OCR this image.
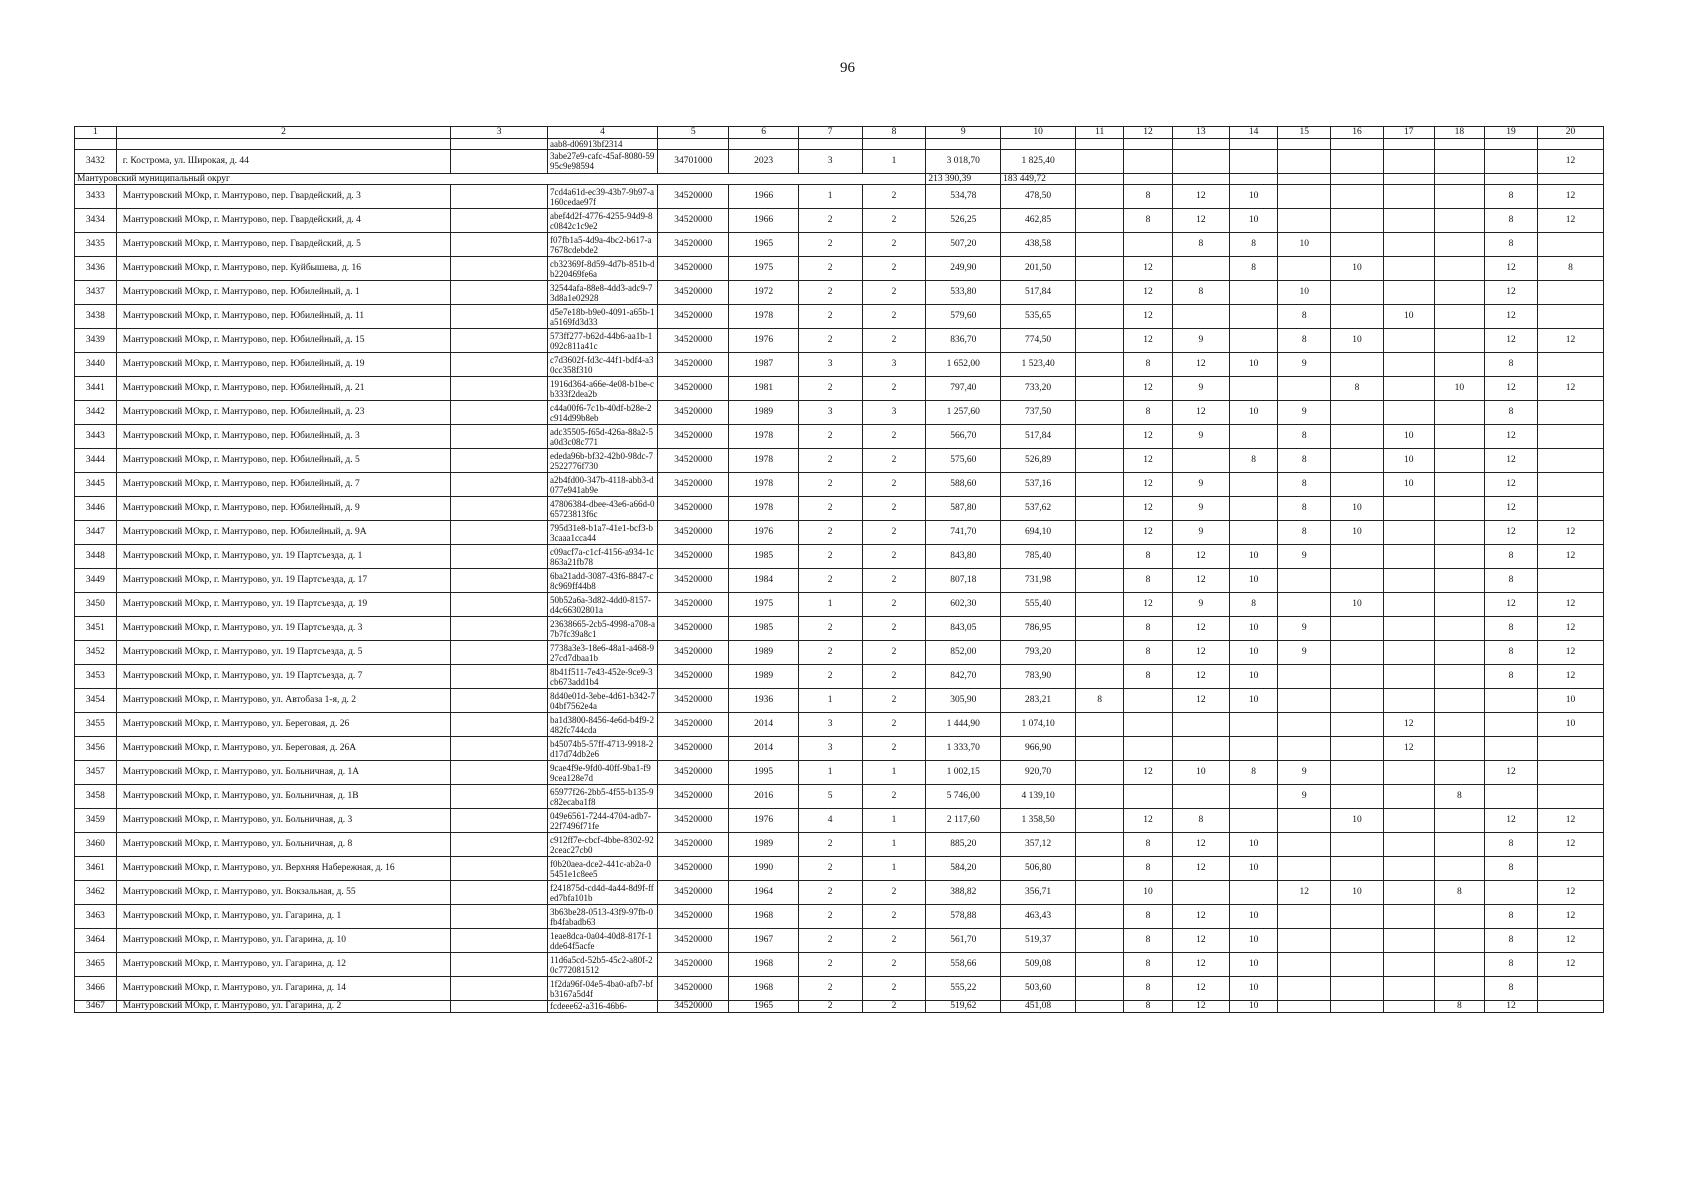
96
1	2	3	4	5	6	7	8	9	10	11	12	13	14	15	16	17	18	19	20
			aab8-d06913bf2314																
3432	г. Кострома, ул. Широкая, д. 44		3abe27e9-cafc-45af-8080-5995c9e98594	34701000	2023	3	1	3 018,70	1 825,40										12
Мантуровский муниципальный округ								213 390,39	183 449,72										
3433	Мантуровский МОкр, г. Мантурово, пер. Гвардейский, д. 3		7cd4a61d-ec39-43b7-9b97-a160cedae97f	34520000	1966	1	2	534,78	478,50		8	12	10					8	12
3434	Мантуровский МОкр, г. Мантурово, пер. Гвардейский, д. 4		abef4d2f-4776-4255-94d9-8c0842c1c9e2	34520000	1966	2	2	526,25	462,85		8	12	10					8	12
3435	Мантуровский МОкр, г. Мантурово, пер. Гвардейский, д. 5		f07fb1a5-4d9a-4bc2-b617-a7678cdebde2	34520000	1965	2	2	507,20	438,58			8	8	10				8	
3436	Мантуровский МОкр, г. Мантурово, пер. Куйбышева, д. 16		cb32369f-8d59-4d7b-851b-db220469fe6a	34520000	1975	2	2	249,90	201,50		12		8		10			12	8
3437	Мантуровский МОкр, г. Мантурово, пер. Юбилейный, д. 1		32544afa-88e8-4dd3-adc9-73d8a1e02928	34520000	1972	2	2	533,80	517,84		12	8		10				12	
3438	Мантуровский МОкр, г. Мантурово, пер. Юбилейный, д. 11		d5e7e18b-b9e0-4091-a65b-1a5169fd3d33	34520000	1978	2	2	579,60	535,65		12			8		10		12	
3439	Мантуровский МОкр, г. Мантурово, пер. Юбилейный, д. 15		573ff277-b62d-44b6-aa1b-1092c811a41c	34520000	1976	2	2	836,70	774,50		12	9		8	10			12	12
3440	Мантуровский МОкр, г. Мантурово, пер. Юбилейный, д. 19		c7d3602f-fd3c-44f1-bdf4-a30cc358f310	34520000	1987	3	3	1 652,00	1 523,40		8	12	10	9				8	
3441	Мантуровский МОкр, г. Мантурово, пер. Юбилейный, д. 21		1916d364-a66e-4e08-b1be-cb333f2dea2b	34520000	1981	2	2	797,40	733,20		12	9			8		10	12	12
3442	Мантуровский МОкр, г. Мантурово, пер. Юбилейный, д. 23		c44a00f6-7c1b-40df-b28e-2c914d99b8eb	34520000	1989	3	3	1 257,60	737,50		8	12	10	9				8	
3443	Мантуровский МОкр, г. Мантурово, пер. Юбилейный, д. 3		adc35505-f65d-426a-88a2-5a0d3c08c771	34520000	1978	2	2	566,70	517,84		12	9		8		10		12	
3444	Мантуровский МОкр, г. Мантурово, пер. Юбилейный, д. 5		ededa96b-bf32-42b0-98dc-72522776f730	34520000	1978	2	2	575,60	526,89		12		8	8		10		12	
3445	Мантуровский МОкр, г. Мантурово, пер. Юбилейный, д. 7		a2b4fd00-347b-4118-abb3-d077e941ab9e	34520000	1978	2	2	588,60	537,16		12	9		8		10		12	
3446	Мантуровский МОкр, г. Мантурово, пер. Юбилейный, д. 9		47806384-dbee-43e6-a66d-065723813f6c	34520000	1978	2	2	587,80	537,62		12	9		8	10			12	
3447	Мантуровский МОкр, г. Мантурово, пер. Юбилейный, д. 9А		795d31e8-b1a7-41e1-bcf3-b3caaa1cca44	34520000	1976	2	2	741,70	694,10		12	9		8	10			12	12
3448	Мантуровский МОкр, г. Мантурово, ул. 19 Партсъезда, д. 1		c09acf7a-c1cf-4156-a934-1c863a21fb78	34520000	1985	2	2	843,80	785,40		8	12	10	9				8	12
3449	Мантуровский МОкр, г. Мантурово, ул. 19 Партсъезда, д. 17		6ba21add-3087-43f6-8847-c8c969ff44b8	34520000	1984	2	2	807,18	731,98		8	12	10					8	
3450	Мантуровский МОкр, г. Мантурово, ул. 19 Партсъезда, д. 19		50b52a6a-3d82-4dd0-8157-d4c66302801a	34520000	1975	1	2	602,30	555,40		12	9	8		10			12	12
3451	Мантуровский МОкр, г. Мантурово, ул. 19 Партсъезда, д. 3		23638665-2cb5-4998-a708-a7b7fc39a8c1	34520000	1985	2	2	843,05	786,95		8	12	10	9				8	12
3452	Мантуровский МОкр, г. Мантурово, ул. 19 Партсъезда, д. 5		7738a3e3-18e6-48a1-a468-927cd7dbaa1b	34520000	1989	2	2	852,00	793,20		8	12	10	9				8	12
3453	Мантуровский МОкр, г. Мантурово, ул. 19 Партсъезда, д. 7		8b41f511-7e43-452e-9ce9-3cb673add1b4	34520000	1989	2	2	842,70	783,90		8	12	10					8	12
3454	Мантуровский МОкр, г. Мантурово, ул. Автобаза 1-я, д. 2		8d40e01d-3ebe-4d61-b342-704bf7562e4a	34520000	1936	1	2	305,90	283,21	8		12	10						10
3455	Мантуровский МОкр, г. Мантурово, ул. Береговая, д. 26		ba1d3800-8456-4e6d-b4f9-2482fc744cda	34520000	2014	3	2	1 444,90	1 074,10							12			10
3456	Мантуровский МОкр, г. Мантурово, ул. Береговая, д. 26А		b45074b5-57ff-4713-9918-2d17d74db2e6	34520000	2014	3	2	1 333,70	966,90							12			
3457	Мантуровский МОкр, г. Мантурово, ул. Больничная, д. 1А		9cae4f9e-9fd0-40ff-9ba1-f99cea128e7d	34520000	1995	1	1	1 002,15	920,70		12	10	8	9				12	
3458	Мантуровский МОкр, г. Мантурово, ул. Больничная, д. 1В		65977f26-2bb5-4f55-b135-9c82ecaba1f8	34520000	2016	5	2	5 746,00	4 139,10					9			8		
3459	Мантуровский МОкр, г. Мантурово, ул. Больничная, д. 3		049e6561-7244-4704-adb7-22f7496f71fe	34520000	1976	4	1	2 117,60	1 358,50		12	8			10			12	12
3460	Мантуровский МОкр, г. Мантурово, ул. Больничная, д. 8		c912ff7e-cbcf-4bbe-8302-922ceac27cb0	34520000	1989	2	1	885,20	357,12		8	12	10					8	12
3461	Мантуровский МОкр, г. Мантурово, ул. Верхняя Набережная, д. 16		f0b20aea-dce2-441c-ab2a-05451e1c8ee5	34520000	1990	2	1	584,20	506,80		8	12	10					8	
3462	Мантуровский МОкр, г. Мантурово, ул. Вокзальная, д. 55		f241875d-cd4d-4a44-8d9f-ffed7bfa101b	34520000	1964	2	2	388,82	356,71		10			12	10		8		12
3463	Мантуровский МОкр, г. Мантурово, ул. Гагарина, д. 1		3b63be28-0513-43f9-97fb-0fb4fabadb63	34520000	1968	2	2	578,88	463,43		8	12	10					8	12
3464	Мантуровский МОкр, г. Мантурово, ул. Гагарина, д. 10		1eae8dca-0a04-40d8-817f-1dde64f5acfe	34520000	1967	2	2	561,70	519,37		8	12	10					8	12
3465	Мантуровский МОкр, г. Мантурово, ул. Гагарина, д. 12		11d6a5cd-52b5-45c2-a80f-20c772081512	34520000	1968	2	2	558,66	509,08		8	12	10					8	12
3466	Мантуровский МОкр, г. Мантурово, ул. Гагарина, д. 14		1f2da96f-04e5-4ba0-afb7-bfb3167a5d4f	34520000	1968	2	2	555,22	503,60		8	12	10					8	
3467	Мантуровский МОкр, г. Мантурово, ул. Гагарина, д. 2		fcdeee62-a316-46b6-	34520000	1965	2	2	519,62	451,08		8	12	10				8	12	
